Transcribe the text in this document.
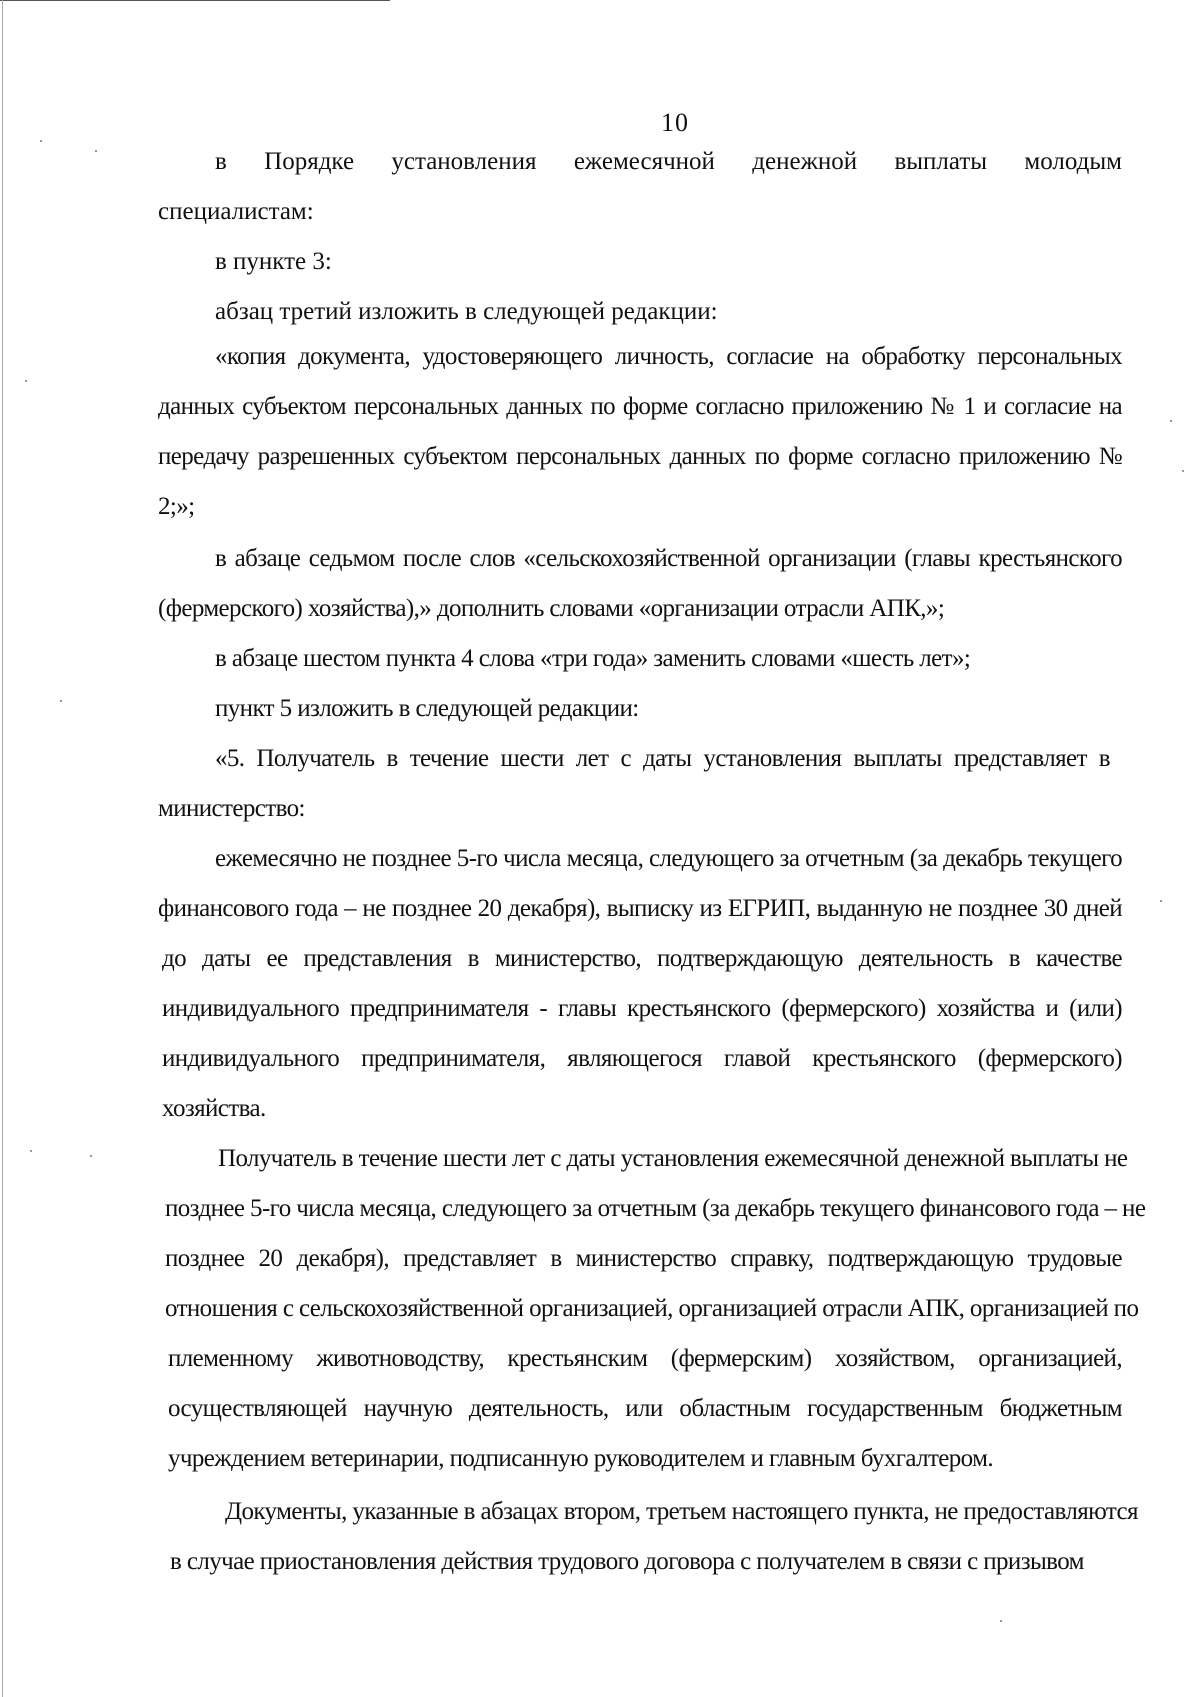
10
в Порядке установления ежемесячной денежной выплаты молодым
специалистам:
в пункте 3:
абзац третий изложить в следующей редакции:
«копия документа, удостоверяющего личность, согласие на обработку персональных
данных субъектом персональных данных по форме согласно приложению № 1 и согласие на
передачу разрешенных субъектом персональных данных по форме согласно приложению №
2;»;
в абзаце седьмом после слов «сельскохозяйственной организации (главы крестьянского
(фермерского) хозяйства),» дополнить словами «организации отрасли АПК,»;
в абзаце шестом пункта 4 слова «три года» заменить словами «шесть лет»;
пункт 5 изложить в следующей редакции:
«5. Получатель в течение шести лет с даты установления выплаты представляет в
министерство:
ежемесячно не позднее 5-го числа месяца, следующего за отчетным (за декабрь текущего
финансового года – не позднее 20 декабря), выписку из ЕГРИП, выданную не позднее 30 дней
до даты ее представления в министерство, подтверждающую деятельность в качестве
индивидуального предпринимателя - главы крестьянского (фермерского) хозяйства и (или)
индивидуального предпринимателя, являющегося главой крестьянского (фермерского)
хозяйства.
Получатель в течение шести лет с даты установления ежемесячной денежной выплаты не
позднее 5-го числа месяца, следующего за отчетным (за декабрь текущего финансового года – не
позднее 20 декабря), представляет в министерство справку, подтверждающую трудовые
отношения с сельскохозяйственной организацией, организацией отрасли АПК, организацией по
племенному животноводству, крестьянским (фермерским) хозяйством, организацией,
осуществляющей научную деятельность, или областным государственным бюджетным
учреждением ветеринарии, подписанную руководителем и главным бухгалтером.
Документы, указанные в абзацах втором, третьем настоящего пункта, не предоставляются
в случае приостановления действия трудового договора с получателем в связи с призывом
